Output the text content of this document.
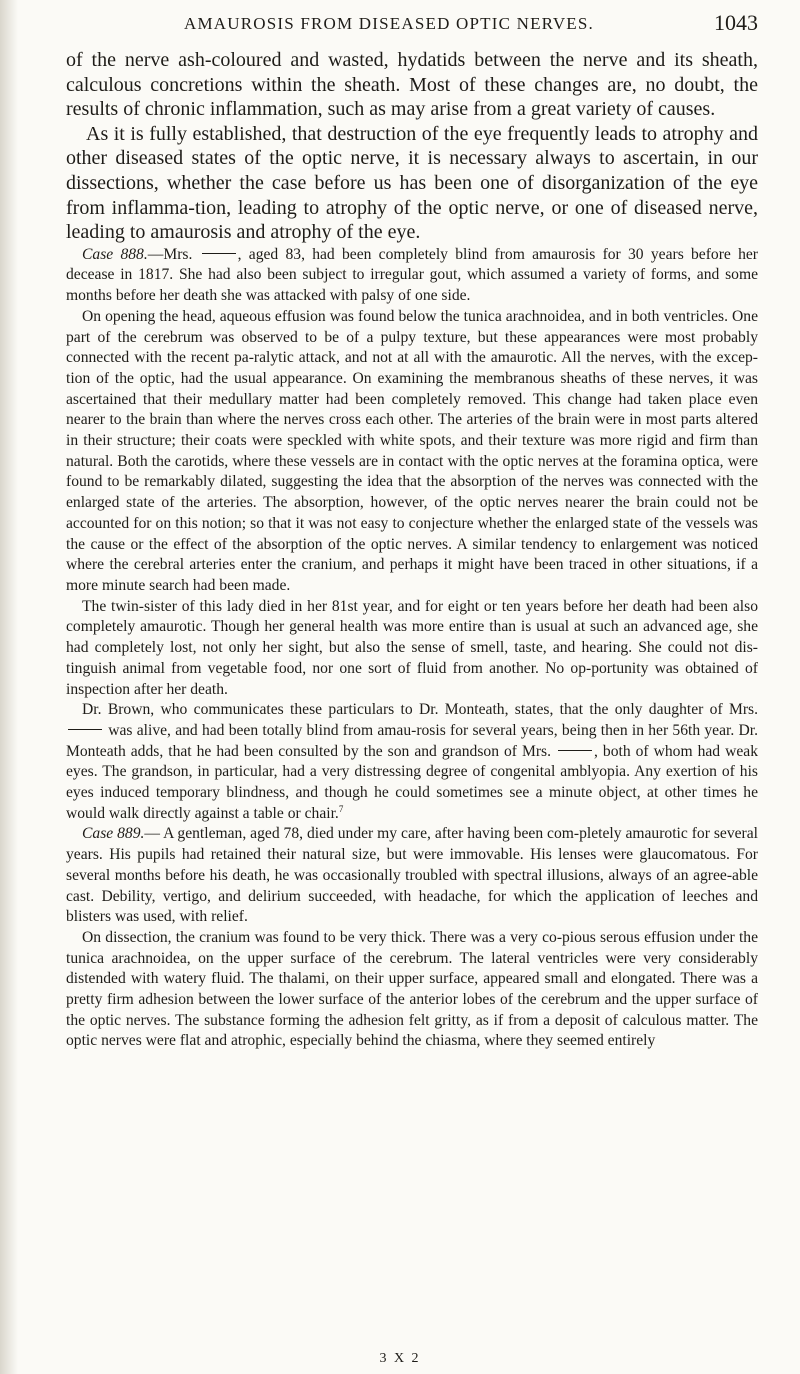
AMAUROSIS FROM DISEASED OPTIC NERVES.	1043

of the nerve ash-coloured and wasted, hydatids between the nerve and its sheath, calculous concretions within the sheath. Most of these changes are, no doubt, the results of chronic inflammation, such as may arise from a great variety of causes.

As it is fully established, that destruction of the eye frequently leads to atrophy and other diseased states of the optic nerve, it is necessary always to ascertain, in our dissections, whether the case before us has been one of disorganization of the eye from inflamma-tion, leading to atrophy of the optic nerve, or one of diseased nerve, leading to amaurosis and atrophy of the eye.

Case 888.—Mrs.	, aged 83, had been completely blind from amaurosis for 30 years before her decease in 1817. She had also been subject to irregular gout, which assumed a variety of forms, and some months before her death she was attacked with palsy of one side.

On opening the head, aqueous effusion was found below the tunica arachnoidea, and in both ventricles. One part of the cerebrum was observed to be of a pulpy texture, but these appearances were most probably connected with the recent pa-ralytic attack, and not at all with the amaurotic. All the nerves, with the excep-tion of the optic, had the usual appearance. On examining the membranous sheaths of these nerves, it was ascertained that their medullary matter had been completely removed. This change had taken place even nearer to the brain than where the nerves cross each other. The arteries of the brain were in most parts altered in their structure; their coats were speckled with white spots, and their texture was more rigid and firm than natural. Both the carotids, where these vessels are in contact with the optic nerves at the foramina optica, were found to be remarkably dilated, suggesting the idea that the absorption of the nerves was connected with the enlarged state of the arteries. The absorption, however, of the optic nerves nearer the brain could not be accounted for on this notion; so that it was not easy to conjecture whether the enlarged state of the vessels was the cause or the effect of the absorption of the optic nerves. A similar tendency to enlargement was noticed where the cerebral arteries enter the cranium, and perhaps it might have been traced in other situations, if a more minute search had been made.

The twin-sister of this lady died in her 81st year, and for eight or ten years before her death had been also completely amaurotic. Though her general health was more entire than is usual at such an advanced age, she had completely lost, not only her sight, but also the sense of smell, taste, and hearing. She could not dis-tinguish animal from vegetable food, nor one sort of fluid from another. No op-portunity was obtained of inspection after her death.

Dr. Brown, who communicates these particulars to Dr. Monteath, states, that the only daughter of Mrs.  was alive, and had been totally blind from amau-rosis for several years, being then in her 56th year. Dr. Monteath adds, that he had been consulted by the son and grandson of Mrs.	, both of whom had weak eyes. The grandson, in particular, had a very distressing degree of congenital amblyopia. Any exertion of his eyes induced temporary blindness, and though he could sometimes see a minute object, at other times he would walk directly against a table or chair.$^7$

Case 889.— A gentleman, aged 78, died under my care, after having been com-pletely amaurotic for several years. His pupils had retained their natural size, but were immovable. His lenses were glaucomatous. For several months before his death, he was occasionally troubled with spectral illusions, always of an agree-able cast. Debility, vertigo, and delirium succeeded, with headache, for which the application of leeches and blisters was used, with relief.

On dissection, the cranium was found to be very thick. There was a very co-pious serous effusion under the tunica arachnoidea, on the upper surface of the cerebrum. The lateral ventricles were very considerably distended with watery fluid. The thalami, on their upper surface, appeared small and elongated. There was a pretty firm adhesion between the lower surface of the anterior lobes of the cerebrum and the upper surface of the optic nerves. The substance forming the adhesion felt gritty, as if from a deposit of calculous matter. The optic nerves were flat and atrophic, especially behind the chiasma, where they seemed entirely

3 X 2
